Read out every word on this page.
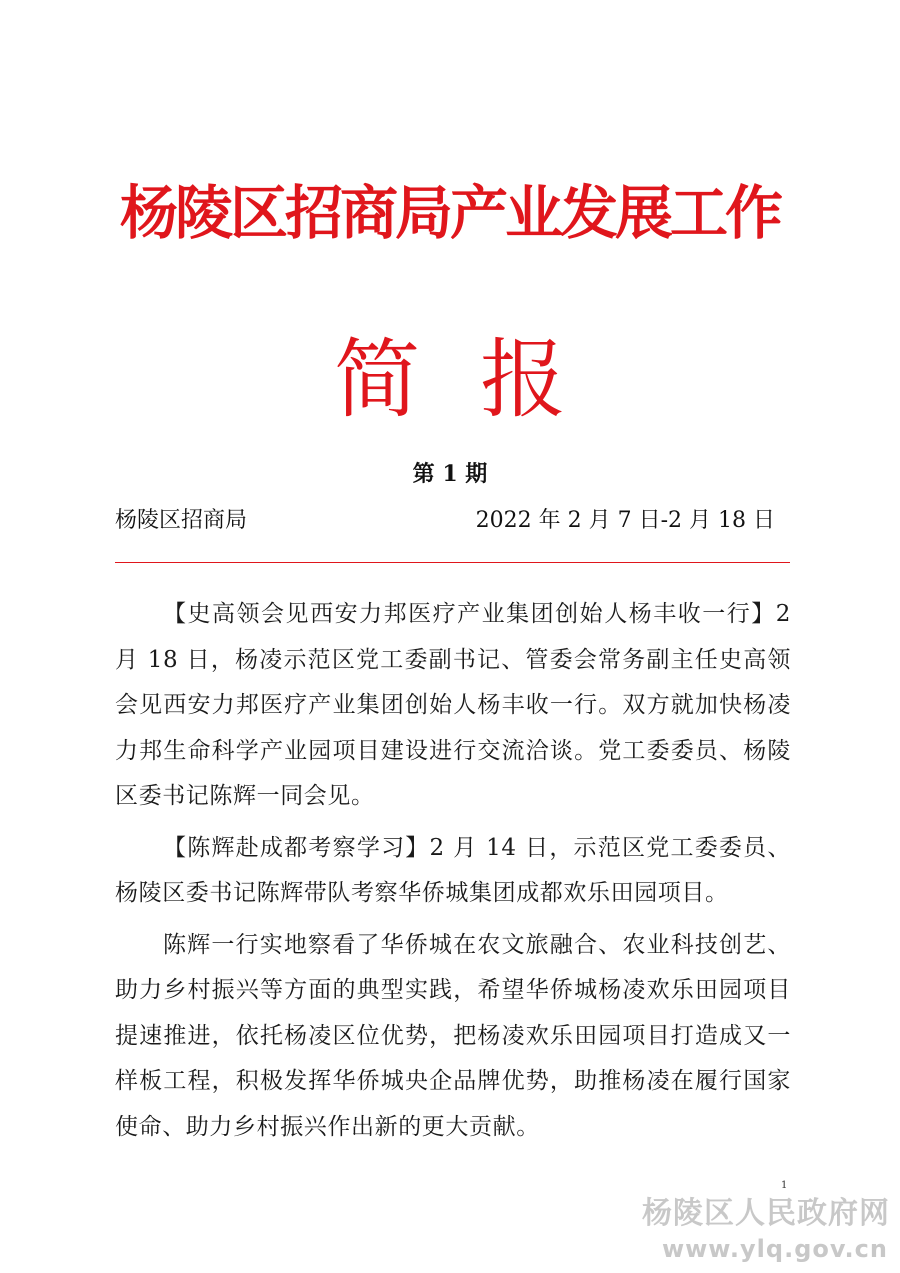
杨陵区招商局产业发展工作
简报
第 1 期
杨陵区招商局	2022 年 2 月 7 日-2 月 18 日

【史高领会见西安力邦医疗产业集团创始人杨丰收一行】2 月 18 日，杨凌示范区党工委副书记、管委会常务副主任史高领会见西安力邦医疗产业集团创始人杨丰收一行。双方就加快杨凌力邦生命科学产业园项目建设进行交流洽谈。党工委委员、杨陵区委书记陈辉一同会见。

【陈辉赴成都考察学习】2 月 14 日，示范区党工委委员、杨陵区委书记陈辉带队考察华侨城集团成都欢乐田园项目。

陈辉一行实地察看了华侨城在农文旅融合、农业科技创艺、助力乡村振兴等方面的典型实践，希望华侨城杨凌欢乐田园项目提速推进，依托杨凌区位优势，把杨凌欢乐田园项目打造成又一样板工程，积极发挥华侨城央企品牌优势，助推杨凌在履行国家使命、助力乡村振兴作出新的更大贡献。

1
杨陵区人民政府网
www.ylq.gov.cn
